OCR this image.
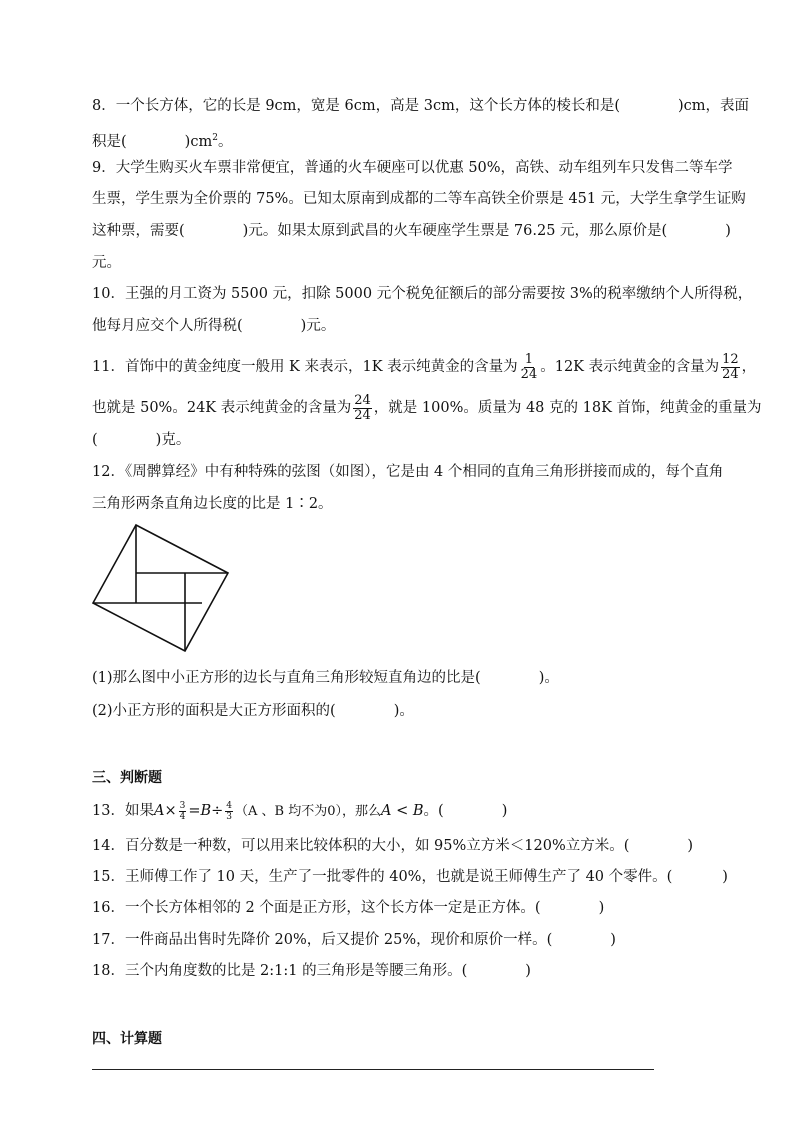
8．一个长方体，它的长是 9cm，宽是 6cm，高是 3cm，这个长方体的棱长和是(	)cm，表面
积是(	)$cm^2$。
9．大学生购买火车票非常便宜，普通的火车硬座可以优惠 50%，高铁、动车组列车只发售二等车学
生票，学生票为全价票的 75%。已知太原南到成都的二等车高铁全价票是 451 元，大学生拿学生证购
这种票，需要(	)元。如果太原到武昌的火车硬座学生票是 76.25 元，那么原价是(	)
元。
10．王强的月工资为 5500 元，扣除 5000 元个税免征额后的部分需要按 3%的税率缴纳个人所得税，
他每月应交个人所得税(	)元。
11．首饰中的黄金纯度一般用 K 来表示，1K 表示纯黄金的含量为 $\frac{1}{24}$ 。12K 表示纯黄金的含量为 $\frac{12}{24}$ ，
也就是 50%。24K 表示纯黄金的含量为 $\frac{24}{24}$ ，就是 100%。质量为 48 克的 18K 首饰，纯黄金的重量为
(	)克。
12．《周髀算经》中有种特殊的弦图（如图），它是由 4 个相同的直角三角形拼接而成的，每个直角
三角形两条直角边长度的比是 1∶2。
(1)那么图中小正方形的边长与直角三角形较短直角边的比是(	)。
(2)小正方形的面积是大正方形面积的(	)。
三、判断题
13．如果$A\times \frac{3}{4} =B\div \frac{4}{3} (A$ 、B 均不为0），那么A < B。(	)
14．百分数是一种数，可以用来比较体积的大小，如 95%立方米＜120%立方米。(	)
15．王师傅工作了 10 天，生产了一批零件的 40%，也就是说王师傅生产了 40 个零件。(	)
16．一个长方体相邻的 2 个面是正方形，这个长方体一定是正方体。(	)
17．一件商品出售时先降价 20%，后又提价 25%，现价和原价一样。(	)
18．三个内角度数的比是 2:1:1 的三角形是等腰三角形。(	)
四、计算题
